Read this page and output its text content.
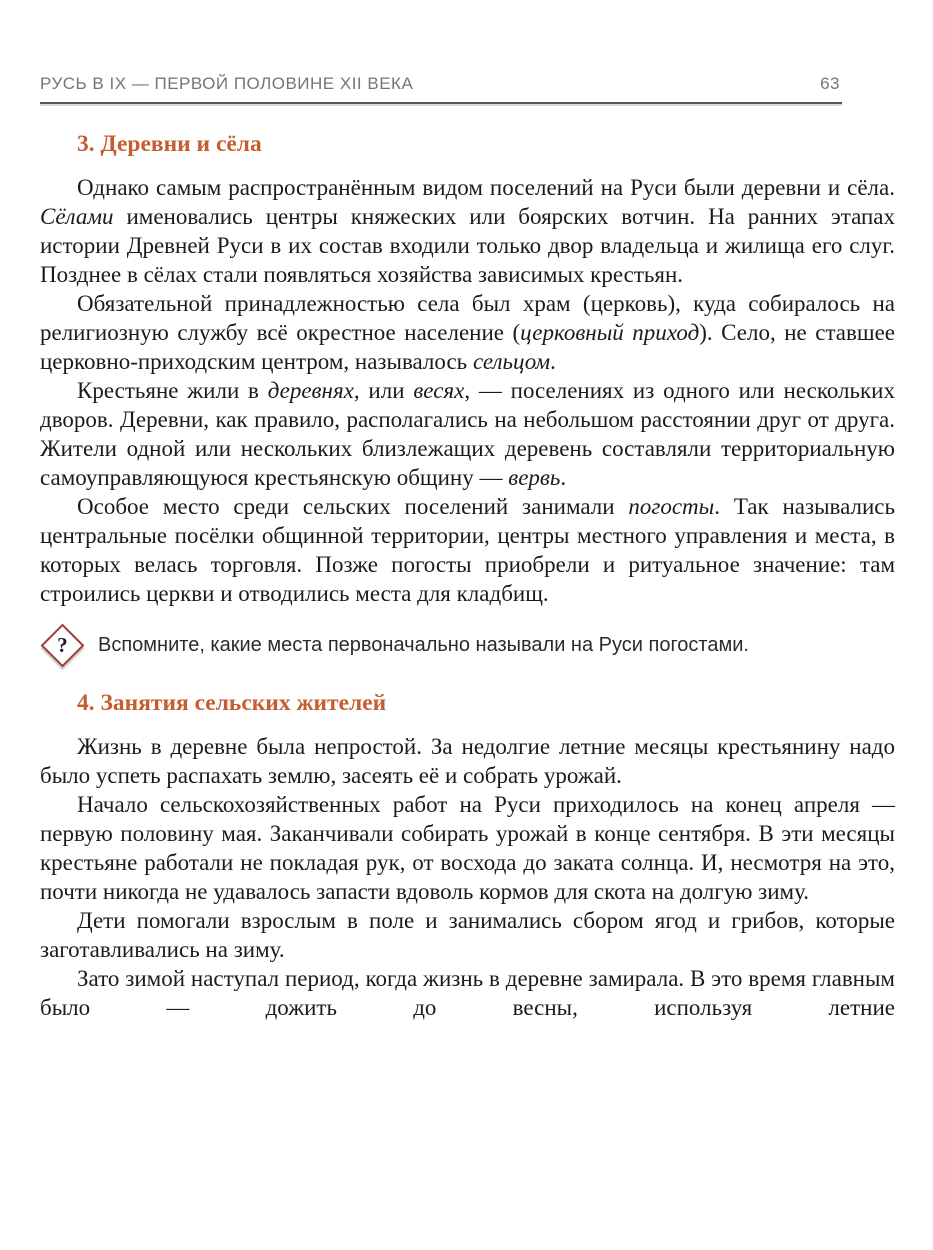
РУСЬ В IX — ПЕРВОЙ ПОЛОВИНЕ XII ВЕКА	63
3. Деревни и сёла

Однако самым распространённым видом поселений на Руси были деревни и сёла. Сёлами именовались центры княжеских или боярских вотчин. На ранних этапах истории Древней Руси в их состав входили только двор владельца и жилища его слуг. Позднее в сёлах стали появляться хозяйства зависимых крестьян.

Обязательной принадлежностью села был храм (церковь), куда собиралось на религиозную службу всё окрестное население (церковный приход). Село, не ставшее церковно-приходским центром, называлось сельцом.

Крестьяне жили в деревнях, или весях, — поселениях из одного или нескольких дворов. Деревни, как правило, располагались на небольшом расстоянии друг от друга. Жители одной или нескольких близлежащих деревень составляли территориальную самоуправляющуюся крестьянскую общину — вервь.

Особое место среди сельских поселений занимали погосты. Так назывались центральные посёлки общинной территории, центры местного управления и места, в которых велась торговля. Позже погосты приобрели и ритуальное значение: там строились церкви и отводились места для кладбищ.

? Вспомните, какие места первоначально называли на Руси погостами.
4. Занятия сельских жителей

Жизнь в деревне была непростой. За недолгие летние месяцы крестьянину надо было успеть распахать землю, засеять её и собрать урожай.

Начало сельскохозяйственных работ на Руси приходилось на конец апреля — первую половину мая. Заканчивали собирать урожай в конце сентября. В эти месяцы крестьяне работали не покладая рук, от восхода до заката солнца. И, несмотря на это, почти никогда не удавалось запасти вдоволь кормов для скота на долгую зиму.

Дети помогали взрослым в поле и занимались сбором ягод и грибов, которые заготавливались на зиму.

Зато зимой наступал период, когда жизнь в деревне замирала. В это время главным было — дожить до весны, используя летние
